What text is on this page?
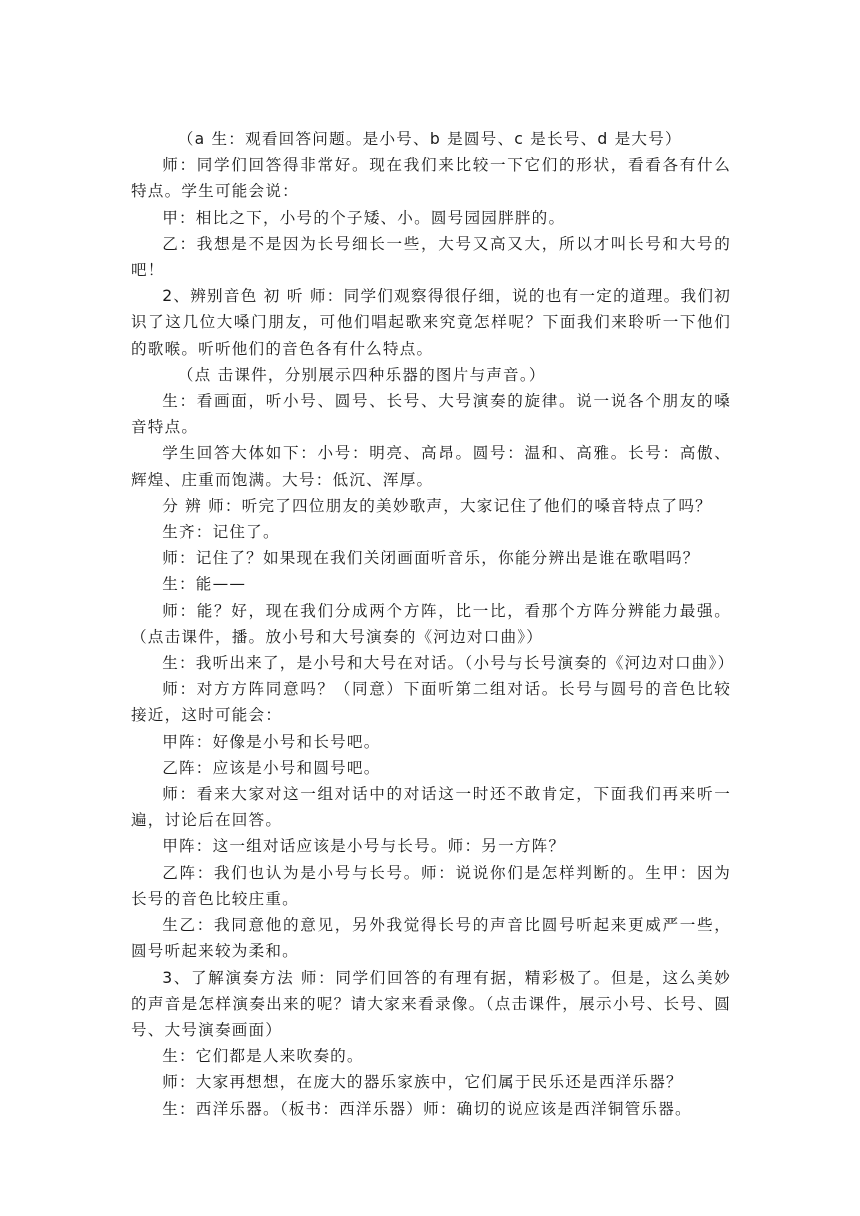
（a 生：观看回答问题。是小号、b 是圆号、c 是长号、d 是大号）

师：同学们回答得非常好。现在我们来比较一下它们的形状，看看各有什么特点。学生可能会说：

甲：相比之下，小号的个子矮、小。圆号园园胖胖的。

乙：我想是不是因为长号细长一些，大号又高又大，所以才叫长号和大号的吧！

2、辨别音色 初 听 师：同学们观察得很仔细，说的也有一定的道理。我们初识了这几位大嗓门朋友，可他们唱起歌来究竟怎样呢？下面我们来聆听一下他们的歌喉。听听他们的音色各有什么特点。

（点 击课件，分别展示四种乐器的图片与声音。）

生：看画面，听小号、圆号、长号、大号演奏的旋律。说一说各个朋友的嗓音特点。

学生回答大体如下：小号：明亮、高昂。圆号：温和、高雅。长号：高傲、辉煌、庄重而饱满。大号：低沉、浑厚。

分 辨 师：听完了四位朋友的美妙歌声，大家记住了他们的嗓音特点了吗？

生齐：记住了。

师：记住了？如果现在我们关闭画面听音乐，你能分辨出是谁在歌唱吗？

生：能——

师：能？好，现在我们分成两个方阵，比一比，看那个方阵分辨能力最强。（点击课件，播。放小号和大号演奏的《河边对口曲》）

生：我听出来了，是小号和大号在对话。（小号与长号演奏的《河边对口曲》）

师：对方方阵同意吗？（同意）下面听第二组对话。长号与圆号的音色比较接近，这时可能会：

甲阵：好像是小号和长号吧。

乙阵：应该是小号和圆号吧。

师：看来大家对这一组对话中的对话这一时还不敢肯定，下面我们再来听一遍，讨论后在回答。

甲阵：这一组对话应该是小号与长号。师：另一方阵？

乙阵：我们也认为是小号与长号。师：说说你们是怎样判断的。生甲：因为长号的音色比较庄重。

生乙：我同意他的意见，另外我觉得长号的声音比圆号听起来更威严一些，圆号听起来较为柔和。

3、了解演奏方法 师：同学们回答的有理有据，精彩极了。但是，这么美妙的声音是怎样演奏出来的呢？请大家来看录像。（点击课件，展示小号、长号、圆号、大号演奏画面）

生：它们都是人来吹奏的。

师：大家再想想，在庞大的器乐家族中，它们属于民乐还是西洋乐器？

生：西洋乐器。（板书：西洋乐器）师：确切的说应该是西洋铜管乐器。
